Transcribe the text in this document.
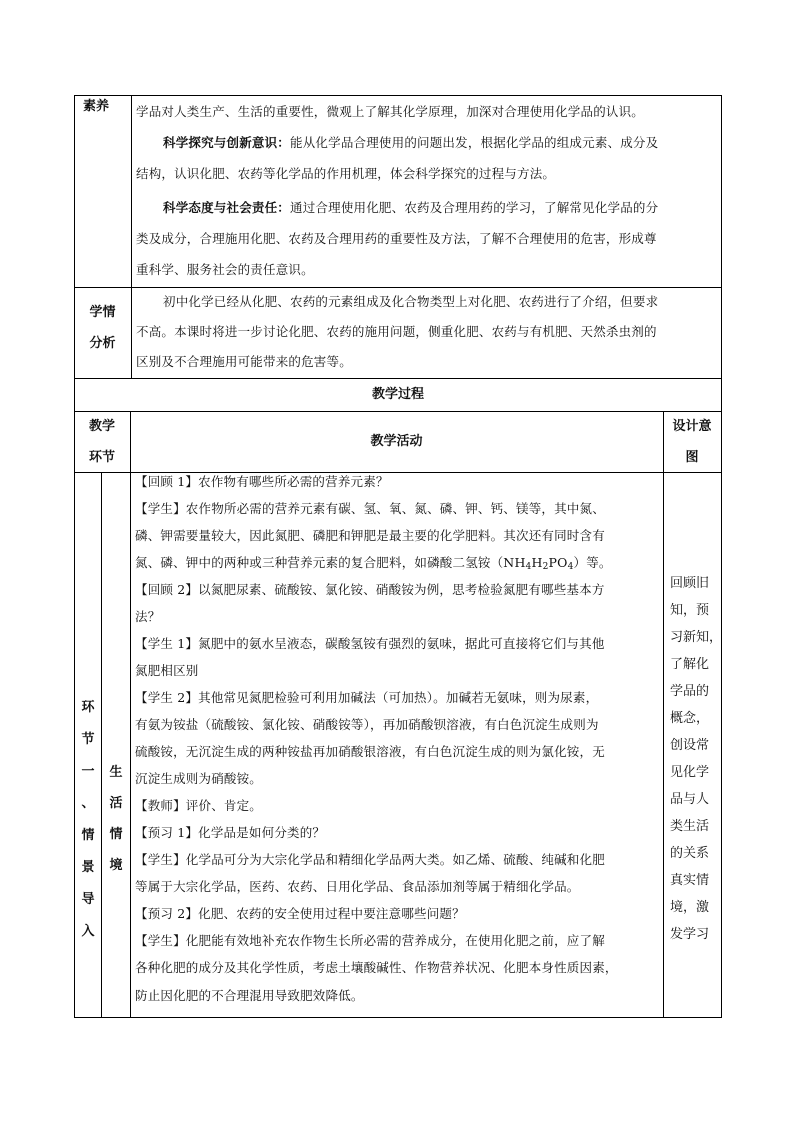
素养 学品对人类生产、生活的重要性，微观上了解其化学原理，加深对合理使用化学品的认识。
科学探究与创新意识：能从化学品合理使用的问题出发，根据化学品的组成元素、成分及
结构，认识化肥、农药等化学品的作用机理，体会科学探究的过程与方法。
科学态度与社会责任：通过合理使用化肥、农药及合理用药的学习，了解常见化学品的分
类及成分，合理施用化肥、农药及合理用药的重要性及方法，了解不合理使用的危害，形成尊
重科学、服务社会的责任意识。
学情
分析
初中化学已经从化肥、农药的元素组成及化合物类型上对化肥、农药进行了介绍，但要求
不高。本课时将进一步讨论化肥、农药的施用问题，侧重化肥、农药与有机肥、天然杀虫剂的
区别及不合理施用可能带来的危害等。
教学过程
教学
环节
教学活动
设计意
图
环
节
一
、
情
景
导
入
生
活
情
境
【回顾 1】农作物有哪些所必需的营养元素？
【学生】农作物所必需的营养元素有碳、氢、氧、氮、磷、钾、钙、镁等，其中氮、
磷、钾需要量较大，因此氮肥、磷肥和钾肥是最主要的化学肥料。其次还有同时含有
氮、磷、钾中的两种或三种营养元素的复合肥料，如磷酸二氢铵$(NH_4H_2PO_4)$等。
【回顾 2】以氮肥尿素、硫酸铵、氯化铵、硝酸铵为例，思考检验氮肥有哪些基本方
法？
【学生 1】氮肥中的氨水呈液态，碳酸氢铵有强烈的氨味，据此可直接将它们与其他
氮肥相区别
【学生 2】其他常见氮肥检验可利用加碱法（可加热）。加碱若无氨味，则为尿素，
有氨为铵盐（硫酸铵、氯化铵、硝酸铵等），再加硝酸钡溶液，有白色沉淀生成则为
硫酸铵，无沉淀生成的两种铵盐再加硝酸银溶液，有白色沉淀生成的则为氯化铵，无
沉淀生成则为硝酸铵。
【教师】评价、肯定。
【预习 1】化学品是如何分类的？
【学生】化学品可分为大宗化学品和精细化学品两大类。如乙烯、硫酸、纯碱和化肥
等属于大宗化学品，医药、农药、日用化学品、食品添加剂等属于精细化学品。
【预习 2】化肥、农药的安全使用过程中要注意哪些问题？
【学生】化肥能有效地补充农作物生长所必需的营养成分，在使用化肥之前，应了解
各种化肥的成分及其化学性质，考虑土壤酸碱性、作物营养状况、化肥本身性质因素，
防止因化肥的不合理混用导致肥效降低。
回顾旧
知，预
习新知，
了解化
学品的
概念，
创设常
见化学
品与人
类生活
的关系
真实情
境，激
发学习
